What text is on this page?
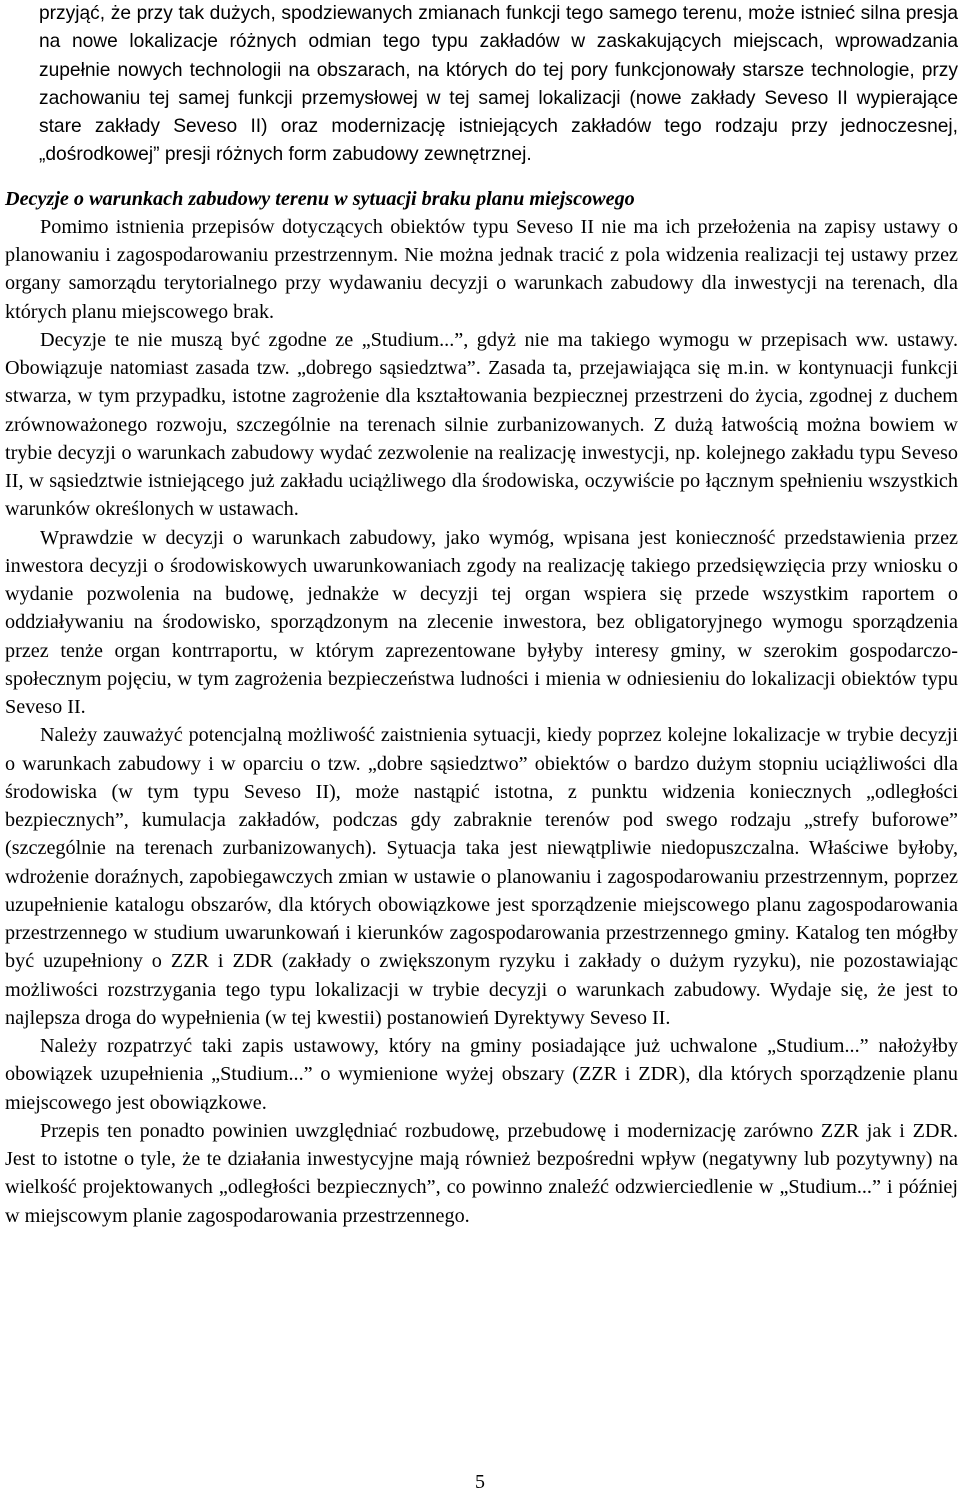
przyjąć, że przy tak dużych, spodziewanych zmianach funkcji tego samego terenu, może istnieć silna presja na nowe lokalizacje różnych odmian tego typu zakładów w zaskakujących miejscach, wprowadzania zupełnie nowych technologii na obszarach, na których do tej pory funkcjonowały starsze technologie, przy zachowaniu tej samej funkcji przemysłowej w tej samej lokalizacji (nowe zakłady Seveso II wypierające stare zakłady Seveso II) oraz modernizację istniejących zakładów tego rodzaju przy jednoczesnej, „dośrodkowej” presji różnych form zabudowy zewnętrznej.

Decyzje o warunkach zabudowy terenu w sytuacji braku planu miejscowego

Pomimo istnienia przepisów dotyczących obiektów typu Seveso II nie ma ich przełożenia na zapisy ustawy o planowaniu i zagospodarowaniu przestrzennym. Nie można jednak tracić z pola widzenia realizacji tej ustawy przez organy samorządu terytorialnego przy wydawaniu decyzji o warunkach zabudowy dla inwestycji na terenach, dla których planu miejscowego brak.

Decyzje te nie muszą być zgodne ze „Studium...”, gdyż nie ma takiego wymogu w przepisach ww. ustawy. Obowiązuje natomiast zasada tzw. „dobrego sąsiedztwa”. Zasada ta, przejawiająca się m.in. w kontynuacji funkcji stwarza, w tym przypadku, istotne zagrożenie dla kształtowania bezpiecznej przestrzeni do życia, zgodnej z duchem zrównoważonego rozwoju, szczególnie na terenach silnie zurbanizowanych. Z dużą łatwością można bowiem w trybie decyzji o warunkach zabudowy wydać zezwolenie na realizację inwestycji, np. kolejnego zakładu typu Seveso II, w sąsiedztwie istniejącego już zakładu uciążliwego dla środowiska, oczywiście po łącznym spełnieniu wszystkich warunków określonych w ustawach.

Wprawdzie w decyzji o warunkach zabudowy, jako wymóg, wpisana jest konieczność przedstawienia przez inwestora decyzji o środowiskowych uwarunkowaniach zgody na realizację takiego przedsięwzięcia przy wniosku o wydanie pozwolenia na budowę, jednakże w decyzji tej organ wspiera się przede wszystkim raportem o oddziaływaniu na środowisko, sporządzonym na zlecenie inwestora, bez obligatoryjnego wymogu sporządzenia przez tenże organ kontrraportu, w którym zaprezentowane byłyby interesy gminy, w szerokim gospodarczo-społecznym pojęciu, w tym zagrożenia bezpieczeństwa ludności i mienia w odniesieniu do lokalizacji obiektów typu Seveso II.

Należy zauważyć potencjalną możliwość zaistnienia sytuacji, kiedy poprzez kolejne lokalizacje w trybie decyzji o warunkach zabudowy i w oparciu o tzw. „dobre sąsiedztwo” obiektów o bardzo dużym stopniu uciążliwości dla środowiska (w tym typu Seveso II), może nastąpić istotna, z punktu widzenia koniecznych „odległości bezpiecznych”, kumulacja zakładów, podczas gdy zabraknie terenów pod swego rodzaju „strefy buforowe” (szczególnie na terenach zurbanizowanych). Sytuacja taka jest niewątpliwie niedopuszczalna. Właściwe byłoby, wdrożenie doraźnych, zapobiegawczych zmian w ustawie o planowaniu i zagospodarowaniu przestrzennym, poprzez uzupełnienie katalogu obszarów, dla których obowiązkowe jest sporządzenie miejscowego planu zagospodarowania przestrzennego w studium uwarunkowań i kierunków zagospodarowania przestrzennego gminy. Katalog ten mógłby być uzupełniony o ZZR i ZDR (zakłady o zwiększonym ryzyku i zakłady o dużym ryzyku), nie pozostawiając możliwości rozstrzygania tego typu lokalizacji w trybie decyzji o warunkach zabudowy. Wydaje się, że jest to najlepsza droga do wypełnienia (w tej kwestii) postanowień Dyrektywy Seveso II.

Należy rozpatrzyć taki zapis ustawowy, który na gminy posiadające już uchwalone „Studium...” nałożyłby obowiązek uzupełnienia „Studium...” o wymienione wyżej obszary (ZZR i ZDR), dla których sporządzenie planu miejscowego jest obowiązkowe.

Przepis ten ponadto powinien uwzględniać rozbudowę, przebudowę i modernizację zarówno ZZR jak i ZDR. Jest to istotne o tyle, że te działania inwestycyjne mają również bezpośredni wpływ (negatywny lub pozytywny) na wielkość projektowanych „odległości bezpiecznych”, co powinno znaleźć odzwierciedlenie w „Studium...” i później w miejscowym planie zagospodarowania przestrzennego.

5
